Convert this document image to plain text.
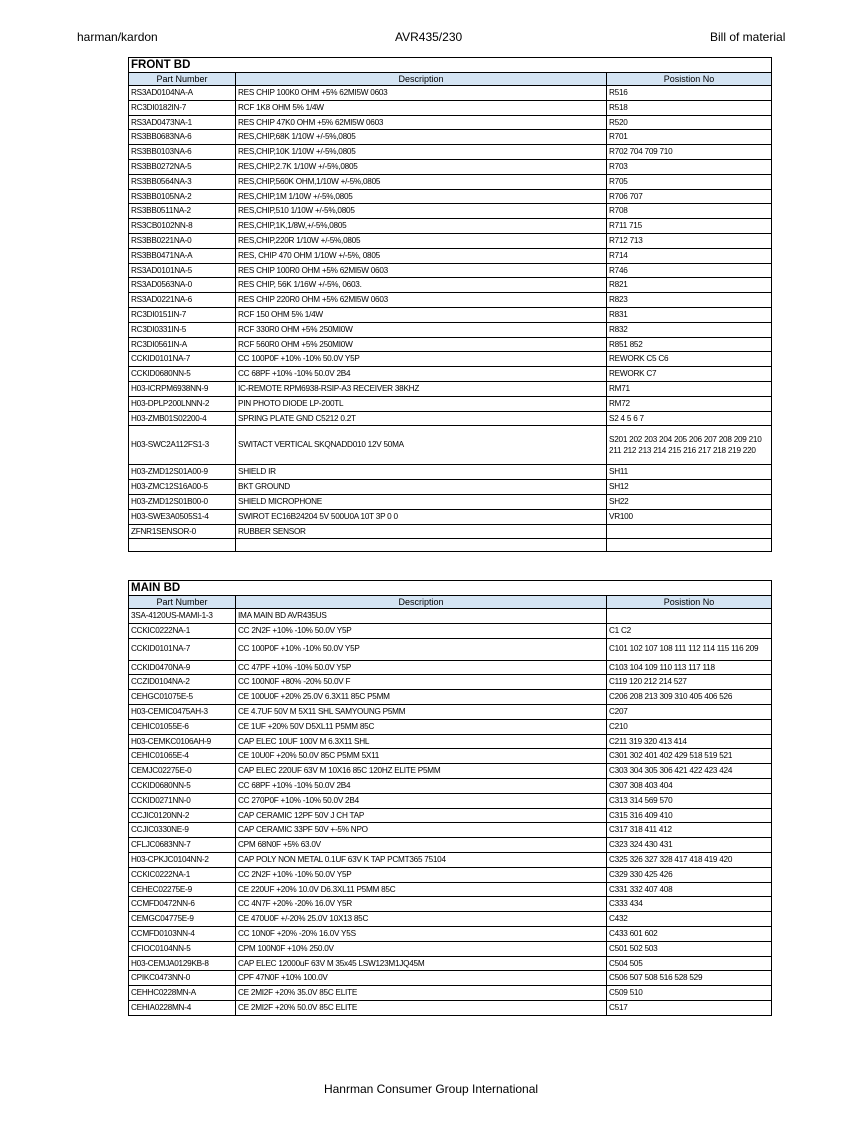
harman/kardon	AVR435/230	Bill of material
FRONT BD		
Part Number	Description	Posistion No
RS3AD0104NA-A	RES CHIP 100K0 OHM +5% 62MI5W 0603	R516
RC3DI0182IN-7	RCF 1K8 OHM 5% 1/4W	R518
RS3AD0473NA-1	RES CHIP 47K0 OHM +5% 62MI5W 0603	R520
RS3BB0683NA-6	RES,CHIP,68K 1/10W +/-5%,0805	R701
RS3BB0103NA-6	RES,CHIP,10K 1/10W +/-5%,0805	R702 704 709 710
RS3BB0272NA-5	RES,CHIP,2.7K 1/10W +/-5%,0805	R703
RS3BB0564NA-3	RES,CHIP,560K OHM,1/10W +/-5%,0805	R705
RS3BB0105NA-2	RES,CHIP,1M 1/10W +/-5%,0805	R706 707
RS3BB0511NA-2	RES,CHIP,510 1/10W +/-5%,0805	R708
RS3CB0102NN-8	RES,CHIP,1K,1/8W,+/-5%,0805	R711 715
RS3BB0221NA-0	RES,CHIP,220R 1/10W +/-5%,0805	R712 713
RS3BB0471NA-A	RES, CHIP 470 OHM 1/10W +/-5%, 0805	R714
RS3AD0101NA-5	RES CHIP 100R0 OHM +5% 62MI5W 0603	R746
RS3AD0563NA-0	RES CHIP, 56K 1/16W +/-5%, 0603.	R821
RS3AD0221NA-6	RES CHIP 220R0 OHM +5% 62MI5W 0603	R823
RC3DI0151IN-7	RCF 150 OHM 5% 1/4W	R831
RC3DI0331IN-5	RCF 330R0 OHM +5% 250MI0W	R832
RC3DI0561IN-A	RCF 560R0 OHM +5% 250MI0W	R851 852
CCKID0101NA-7	CC 100P0F +10% -10% 50.0V Y5P	REWORK C5 C6
CCKID0680NN-5	CC 68PF +10% -10% 50.0V 2B4	REWORK C7
H03-ICRPM6938NN-9	IC-REMOTE RPM6938-RSIP-A3 RECEIVER 38KHZ	RM71
H03-DPLP200LNNN-2	PIN PHOTO DIODE LP-200TL	RM72
H03-ZMB01S02200-4	SPRING PLATE GND C5212 0.2T	S2 4 5 6 7
H03-SWC2A112FS1-3	SWITACT VERTICAL SKQNADD010 12V 50MA	S201 202 203 204 205 206 207 208 209 210 211 212 213 214 215 216 217 218 219 220
H03-ZMD12S01A00-9	SHIELD IR	SH11
H03-ZMC12S16A00-5	BKT GROUND	SH12
H03-ZMD12S01B00-0	SHIELD MICROPHONE	SH22
H03-SWE3A0505S1-4	SWIROT EC16B24204 5V 500U0A 10T 3P 0 0	VR100
ZFNR1SENSOR-0	RUBBER SENSOR	

MAIN BD		
Part Number	Description	Posistion No
3SA-4120US-MAMI-1-3	IMA MAIN BD AVR435US	
CCKIC0222NA-1	CC 2N2F +10% -10% 50.0V Y5P	C1 C2
CCKID0101NA-7	CC 100P0F +10% -10% 50.0V Y5P	C101 102 107 108 111 112 114 115 116 209
CCKID0470NA-9	CC 47PF +10% -10% 50.0V Y5P	C103 104 109 110 113 117 118
CCZID0104NA-2	CC 100N0F +80% -20% 50.0V F	C119 120 212 214 527
CEHGC01075E-5	CE 100U0F +20% 25.0V 6.3X11 85C P5MM	C206 208 213 309 310 405 406 526
H03-CEMIC0475AH-3	CE 4.7UF 50V M 5X11 SHL SAMYOUNG P5MM	C207
CEHIC01055E-6	CE 1UF +20% 50V D5XL11 P5MM 85C	C210
H03-CEMKC0106AH-9	CAP ELEC 10UF 100V M 6.3X11 SHL	C211 319 320 413 414
CEHIC01065E-4	CE 10U0F +20% 50.0V 85C P5MM 5X11	C301 302 401 402 429 518 519 521
CEMJC02275E-0	CAP ELEC 220UF 63V M 10X16 85C 120HZ ELITE P5MM	C303 304 305 306 421 422 423 424
CCKID0680NN-5	CC 68PF +10% -10% 50.0V 2B4	C307 308 403 404
CCKID0271NN-0	CC 270P0F +10% -10% 50.0V 2B4	C313 314 569 570
CCJIC0120NN-2	CAP CERAMIC 12PF 50V J CH TAP	C315 316 409 410
CCJIC0330NE-9	CAP CERAMIC 33PF 50V +-5% NPO	C317 318 411 412
CFLJC0683NN-7	CPM 68N0F +5% 63.0V	C323 324 430 431
H03-CPKJC0104NN-2	CAP POLY NON METAL 0.1UF 63V K TAP PCMT365 75104	C325 326 327 328 417 418 419 420
CCKIC0222NA-1	CC 2N2F +10% -10% 50.0V Y5P	C329 330 425 426
CEHEC02275E-9	CE 220UF +20% 10.0V D6.3XL11 P5MM 85C	C331 332 407 408
CCMFD0472NN-6	CC 4N7F +20% -20% 16.0V Y5R	C333 434
CEMGC04775E-9	CE 470U0F +/-20% 25.0V 10X13 85C	C432
CCMFD0103NN-4	CC 10N0F +20% -20% 16.0V Y5S	C433 601 602
CFIOC0104NN-5	CPM 100N0F +10% 250.0V	C501 502 503
H03-CEMJA0129KB-8	CAP ELEC 12000uF 63V M 35x45 LSW123M1JQ45M	C504 505
CPIKC0473NN-0	CPF 47N0F +10% 100.0V	C506 507 508 516 528 529
CEHHC0228MN-A	CE 2MI2F +20% 35.0V 85C ELITE	C509 510
CEHIA0228MN-4	CE 2MI2F +20% 50.0V 85C ELITE	C517
Hanrman Consumer Group International
